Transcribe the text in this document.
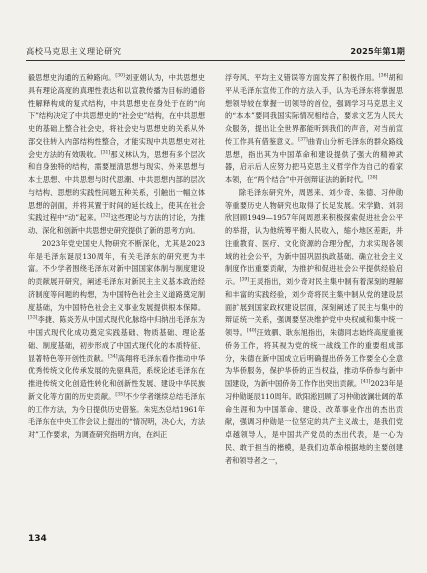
高校马克思主义理论研究	2025年第1期

毅思想史沟通的五种路向。[30]刘亚娟认为，中共思想史具有理论高度的真理性表达和以宣教传播为目标的通俗性解释构成的复式结构，中共思想史在身处于在的“向下”结构决定了中共思想史的“社会史”结构，在中共思想史的基础上整合社会史，将社会史与思想史的关系从外部交往转入内部结构性整合，才能实现中共思想史对社会史方法的有效吸收。[31]那义林认为，思想有多个层次和自身独特的结构，需要厘清思想与现实、外来思想与本土思想、中共思想与时代思潮、中共思想内部的层次与结构、思想的实践性问题五种关系，引触出一幅立体思想的剖面，并将其置于时间的延长线上，使其在社会实践过程中“动”起来。[32]这些理论与方法的讨论，为推动、深化和创新中共思想史研究提供了新的思考方向。

2023年党史国史人物研究不断深化，尤其是2023年是毛泽东诞辰130周年，有关毛泽东的研究更为丰富。不少学者围绕毛泽东对新中国国家体制与制度建设的贡献展开研究，阐述毛泽东对新民主主义基本政治经济制度等问题的构想，为中国特色社会主义道路奠定制度基础，为中国特色社会主义事业发展提供根本保障。[33]李捷、陈炎芳从中国式现代化脉络中归纳出毛泽东为中国式现代化成功奠定实践基础、物质基础、理论基础、制度基础，初步形成了中国式现代化的本质特征、显著特色等开创性贡献。[34]高翔将毛泽东看作推动中华优秀传统文化传承发展的先驱典范，系统论述毛泽东在推进传统文化创造性转化和创新性发展、建设中华民族新文化等方面的历史贡献。[35]不少学者继续总结毛泽东的工作方法，为今日提供历史借鉴。朱宪杰总结1961年毛泽东在中央工作会议上提出的“情况明，决心大，方法对”工作要求，为调查研究指明方向，在纠正

浮夸风、平均主义错误等方面发挥了积极作用。[36]胡和平从毛泽东宣传工作的方法入手，认为毛泽东将掌握思想领导较在掌握一切领导的首位，强调学习马克思主义的“本本”要同我国实际情况相结合，要求文艺为人民大众服务，提出让全世界都能听到我们的声音，对当前宣传工作具有借鉴意义。[37]曲青山分析毛泽东的群众路线思想，指出其为中国革命和建设提供了强大的精神武器，启示后人应努力把马克思主义哲学作为自己的看家本领，在“两个结合”中开创辩证法的新时代。[38]

除毛泽东研究外，周恩来、刘少奇、朱德、习仲勋等重要历史人物研究也取得了长足发展。宋学勤、刘羽欣回顾1949—1957年间周恩来积极探索促进社会公平的举措，认为他统筹平衡人民收入，缩小地区差距，并注重教育、医疗、文化资源的合理分配，力求实现各领域的社会公平，为新中国巩固执政基础、确立社会主义制度作出重要贡献，为推护和促进社会公平提供经验启示。[39]王灵指出，刘少奇对民主集中制有着深刻的理解和丰富的实践经验，刘少奇将民主集中制从党的建设层面扩展到国家政权建设层面，深刻阐述了民主与集中的辩证统一关系，强调要坚决维护党中央权威和集中统一领导。[40]汪效驷、耿东旭指出，朱德同志始终高度重视侨务工作，将其视为党的统一战线工作的重要组成部分，朱德在新中国成立后明确提出侨务工作要全心全意为华侨服务，保护华侨的正当权益，推动华侨参与新中国建设，为新中国侨务工作作出突出贡献。[41]2023年是习仲勋诞辰110周年。欧阳淞回顾了习仲勋波澜壮阔的革命生涯和为中国革命、建设、改革事业作出的杰出贡献，强调习仲勋是一位坚定的共产主义战士，是我们党卓越领导人，是中国共产党员的杰出代表，是一心为民、敢于担当的楷模，是我们边革命根据地的主要创建者和领导者之一，

134
